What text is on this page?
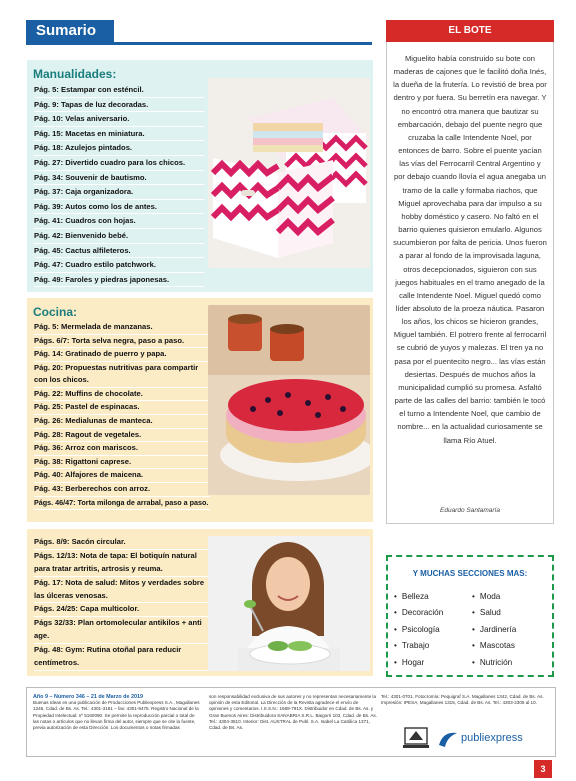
Sumario
Manualidades:
Pág. 5: Estampar con esténcil.
Pág. 9: Tapas de luz decoradas.
Pág. 10: Velas aniversario.
Pág. 15: Macetas en miniatura.
Pág. 18: Azulejos pintados.
Pág. 27: Divertido cuadro para los chicos.
Pág. 34: Souvenir de bautismo.
Pág. 37: Caja organizadora.
Pág. 39: Autos como los de antes.
Pág. 41: Cuadros con hojas.
Pág. 42: Bienvenido bebé.
Pág. 45: Cactus alfileteros.
Pág. 47: Cuadro estilo patchwork.
Pág. 49: Faroles y piedras japonesas.
Cocina:
Pág. 5: Mermelada de manzanas.
Págs. 6/7: Torta selva negra, paso a paso.
Pág. 14: Gratinado de puerro y papa.
Pág. 20: Propuestas nutritivas para compartir con los chicos.
Pág. 22: Muffins de chocolate.
Pág. 25: Pastel de espinacas.
Pág. 26: Medialunas de manteca.
Pág. 28: Ragout de vegetales.
Pág. 36: Arroz con mariscos.
Pág. 38: Rigattoni caprese.
Pág. 40: Alfajores de maicena.
Pág. 43: Berberechos con arroz.
Págs. 46/47: Torta milonga de arrabal, paso a paso.
Págs. 8/9: Sacón circular.
Págs. 12/13: Nota de tapa: El botiquín natural para tratar artritis, artrosis y reuma.
Pág. 17: Nota de salud: Mitos y verdades sobre las úlceras venosas.
Págs. 24/25: Capa multicolor.
Págs 32/33: Plan ortomolecular antikilos + anti age.
Pág. 48: Gym: Rutina otoñal para reducir centímetros.
EL BOTE

Miguelito había construido su bote con maderas de cajones que le facilitó doña Inés, la dueña de la frutería. Lo revistió de brea por dentro y por fuera. Su berretín era navegar. Y no encontró otra manera que bautizar su embarcación, debajo del puente negro que cruzaba la calle Intendente Noel, por entonces de barro. Sobre el puente yacían las vías del Ferrocarril Central Argentino y por debajo cuando llovía el agua anegaba un tramo de la calle y formaba riachos, que Miguel aprovechaba para dar impulso a su hobby doméstico y casero. No faltó en el barrio quienes quisieron emularlo. Algunos sucumbieron por falta de pericia. Unos fueron a parar al fondo de la improvisada laguna, otros decepcionados, siguieron con sus juegos habituales en el tramo anegado de la calle Intendente Noel. Miguel quedó como líder absoluto de la proeza náutica. Pasaron los años, los chicos se hicieron grandes, Miguel también. El potrero frente al ferrocarril se cubrió de yuyos y malezas. El tren ya no pasa por el puentecito negro... las vías están desiertas. Después de muchos años la municipalidad cumplió su promesa. Asfaltó parte de las calles del barrio: también le tocó el turno a Intendente Noel, que cambio de nombre... en la actualidad curiosamente se llama Río Atuel.

Eduardo Santamaría
Y MUCHAS SECCIONES MAS:
• Belleza
• Decoración
• Psicología
• Trabajo
• Hogar
• Moda
• Salud
• Jardinería
• Mascotas
• Nutrición
Año 9 – Número 346 – 21 de Marzo de 2019
Buenas Ideas es una publicación de Producciones Publiexpress S.A., Magallanes 1346, Cdad. de Bs. As. Tel.: 4301-3181 – fax: 4301-9475. Registro Nacional de la Propiedad Intelectual: nº 5160090. Se permite la reproducción parcial o total de las notas o artículos que no llevan firma del autor, siempre que se cite la fuente, previa autorización de esta Dirección. Los documentos o notas firmadas
son responsabilidad exclusiva de sus autores y no representan necesariamente la opinión de esta Editorial. La Dirección de la Revista agradece el envío de opiniones y comentarios. I.S.S.N.: 1669-791X. Distribuidor en Cdad. de Bs. As. y Gran Buenos Aires: Distribuidora SANABRIA S.R.L. Baigorri 103, Cdad. de Bs. As. Tel.: 4304-3510. Interior: Dist. AUSTRAL de Publ. S.A. Isabel La Católica 1371, Cdad. de Bs. As.
Tel.: 4301-0701. Fotocromía: Pequigraf S.A. Magallanes 1342, Cdad. de Bs. As. Impresión: IPESA, Magallanes 1315, Cdad. de Bs. As. Tel.: 4303-2305 al 10.
publiexpress
3
